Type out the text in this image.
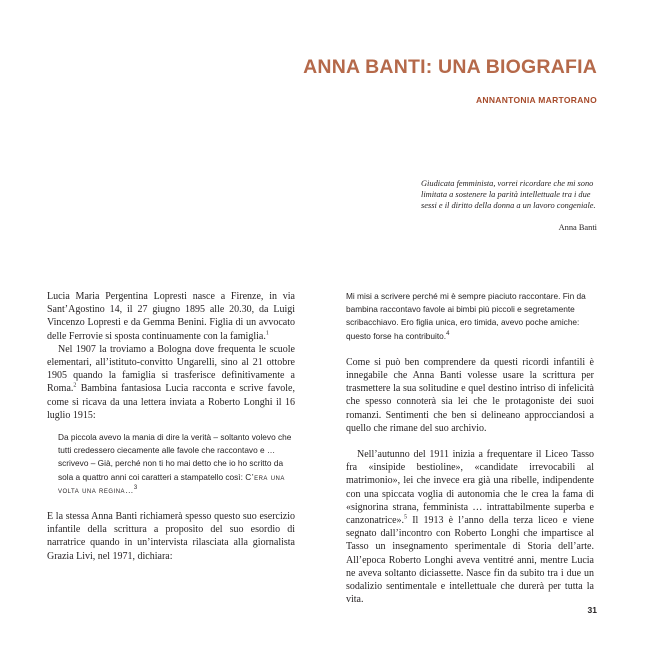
ANNA BANTI: UNA BIOGRAFIA
ANNANTONIA MARTORANO
Giudicata femminista, vorrei ricordare che mi sono limitata a sostenere la parità intellettuale tra i due sessi e il diritto della donna a un lavoro congeniale.
Anna Banti

Lucia Maria Pergentina Lopresti nasce a Firenze, in via Sant’Agostino 14, il 27 giugno 1895 alle 20.30, da Luigi Vincenzo Lopresti e da Gemma Benini. Figlia di un avvocato delle Ferrovie si sposta continuamente con la famiglia.$^1$

Nel 1907 la troviamo a Bologna dove frequenta le scuole elementari, all’istituto-convitto Ungarelli, sino al 21 ottobre 1905 quando la famiglia si trasferisce definitivamente a Roma.$^2$ Bambina fantasiosa Lucia racconta e scrive favole, come si ricava da una lettera inviata a Roberto Longhi il 16 luglio 1915:

Da piccola avevo la mania di dire la verità – soltanto volevo che tutti credessero ciecamente alle favole che raccontavo e … scrivevo – Già, perché non ti ho mai detto che io ho scritto da sola a quattro anni coi caratteri a stampatello così: C’era una volta una regina…$^3$

E la stessa Anna Banti richiamerà spesso questo suo esercizio infantile della scrittura a proposito del suo esordio di narratrice quando in un’intervista rilasciata alla giornalista Grazia Livi, nel 1971, dichiara:

Mi misi a scrivere perché mi è sempre piaciuto raccontare. Fin da bambina raccontavo favole ai bimbi più piccoli e segretamente scribacchiavo. Ero figlia unica, ero timida, avevo poche amiche: questo forse ha contribuito.$^4$

Come si può ben comprendere da questi ricordi infantili è innegabile che Anna Banti volesse usare la scrittura per trasmettere la sua solitudine e quel destino intriso di infelicità che spesso connoterà sia lei che le protagoniste dei suoi romanzi. Sentimenti che ben si delineano approcciandosi a quello che rimane del suo archivio.

Nell’autunno del 1911 inizia a frequentare il Liceo Tasso fra «insipide bestioline», «candidate irrevocabili al matrimonio», lei che invece era già una ribelle, indipendente con una spiccata voglia di autonomia che le crea la fama di «signorina strana, femminista … intrattabilmente superba e canzonatrice».$^5$ Il 1913 è l’anno della terza liceo e viene segnato dall’incontro con Roberto Longhi che impartisce al Tasso un insegnamento sperimentale di Storia dell’arte. All’epoca Roberto Longhi aveva ventitré anni, mentre Lucia ne aveva soltanto diciassette. Nasce fin da subito tra i due un sodalizio sentimentale e intellettuale che durerà per tutta la vita.

31
